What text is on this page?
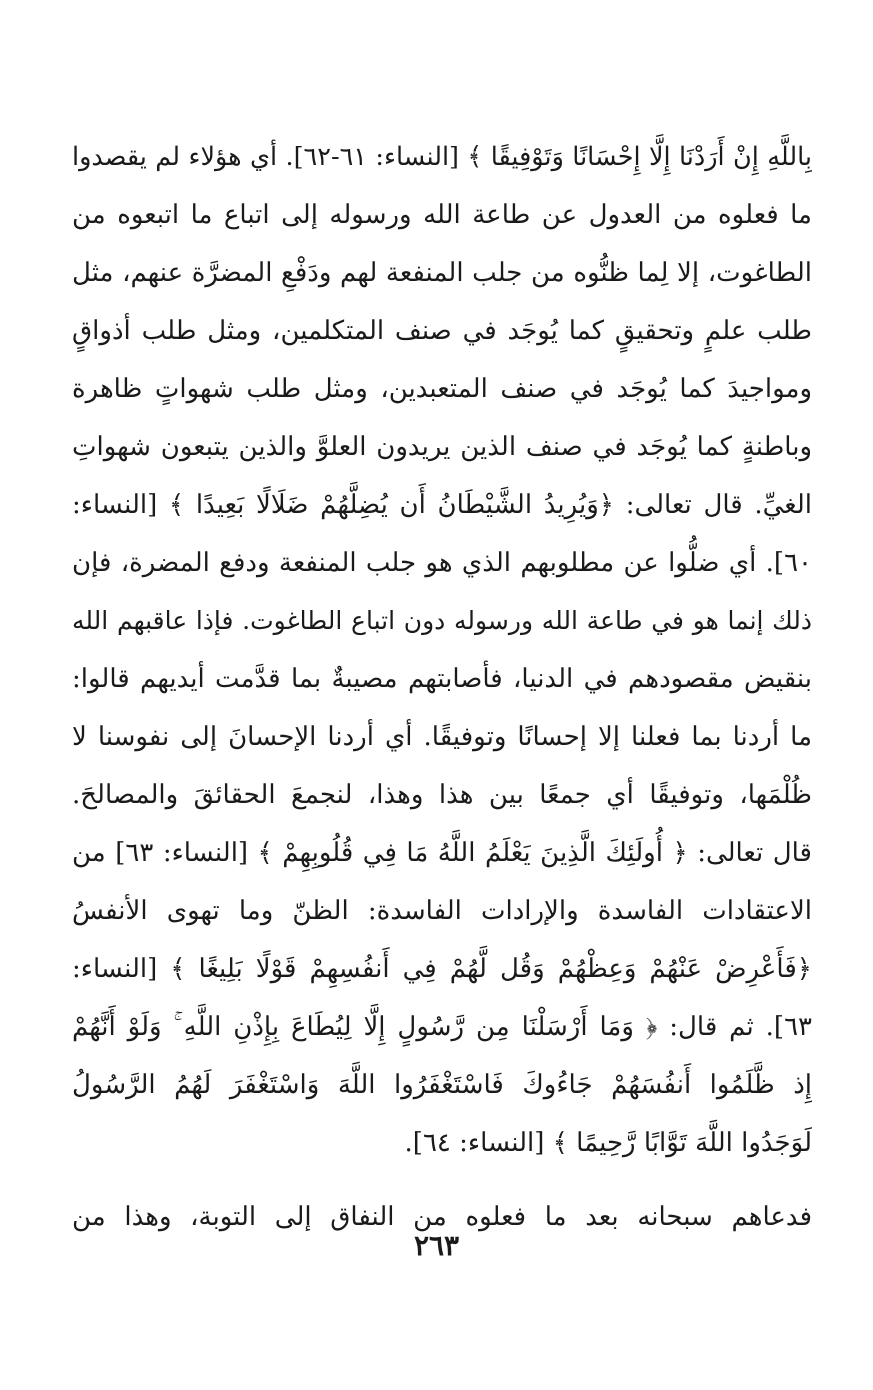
بِاللَّهِ إِنْ أَرَدْنَا إِلَّا إِحْسَانًا وَتَوْفِيقًا ﴾ [النساء: ٦١-٦٢]. أي هؤلاء لم يقصدوا
ما فعلوه من العدول عن طاعة الله ورسوله إلى اتباع ما اتبعوه من
الطاغوت، إلا لِما ظنُّوه من جلب المنفعة لهم ودَفْعِ المضرَّة عنهم، مثل
طلب علمٍ وتحقيقٍ كما يُوجَد في صنف المتكلمين، ومثل طلب أذواقٍ
ومواجيدَ كما يُوجَد في صنف المتعبدين، ومثل طلب شهواتٍ ظاهرة
وباطنةٍ كما يُوجَد في صنف الذين يريدون العلوَّ والذين يتبعون شهواتِ
الغيِّ. قال تعالى: ﴿وَيُرِيدُ الشَّيْطَانُ أَن يُضِلَّهُمْ ضَلَالًا بَعِيدًا ﴾ [النساء:
٦٠]. أي ضلُّوا عن مطلوبهم الذي هو جلب المنفعة ودفع المضرة، فإن
ذلك إنما هو في طاعة الله ورسوله دون اتباع الطاغوت. فإذا عاقبهم الله
بنقيض مقصودهم في الدنيا، فأصابتهم مصيبةٌ بما قدَّمت أيديهم قالوا:
ما أردنا بما فعلنا إلا إحسانًا وتوفيقًا. أي أردنا الإحسانَ إلى نفوسنا لا
ظُلْمَها، وتوفيقًا أي جمعًا بين هذا وهذا، لنجمعَ الحقائقَ والمصالحَ.
قال تعالى: ﴿ أُولَئِكَ الَّذِينَ يَعْلَمُ اللَّهُ مَا فِي قُلُوبِهِمْ ﴾ [النساء: ٦٣] من
الاعتقادات الفاسدة والإرادات الفاسدة: الظنّ وما تهوى الأنفسُ
﴿فَأَعْرِضْ عَنْهُمْ وَعِظْهُمْ وَقُل لَّهُمْ فِي أَنفُسِهِمْ قَوْلًا بَلِيغًا ﴾ [النساء:
٦٣]. ثم قال: ﴿ وَمَا أَرْسَلْنَا مِن رَّسُولٍ إِلَّا لِيُطَاعَ بِإِذْنِ اللَّهِ ۚ وَلَوْ أَنَّهُمْ
إِذ ظَّلَمُوا أَنفُسَهُمْ جَاءُوكَ فَاسْتَغْفَرُوا اللَّهَ وَاسْتَغْفَرَ لَهُمُ الرَّسُولُ
لَوَجَدُوا اللَّهَ تَوَّابًا رَّحِيمًا ﴾ [النساء: ٦٤].
فدعاهم سبحانه بعد ما فعلوه من النفاق إلى التوبة، وهذا من
٢٦٣
